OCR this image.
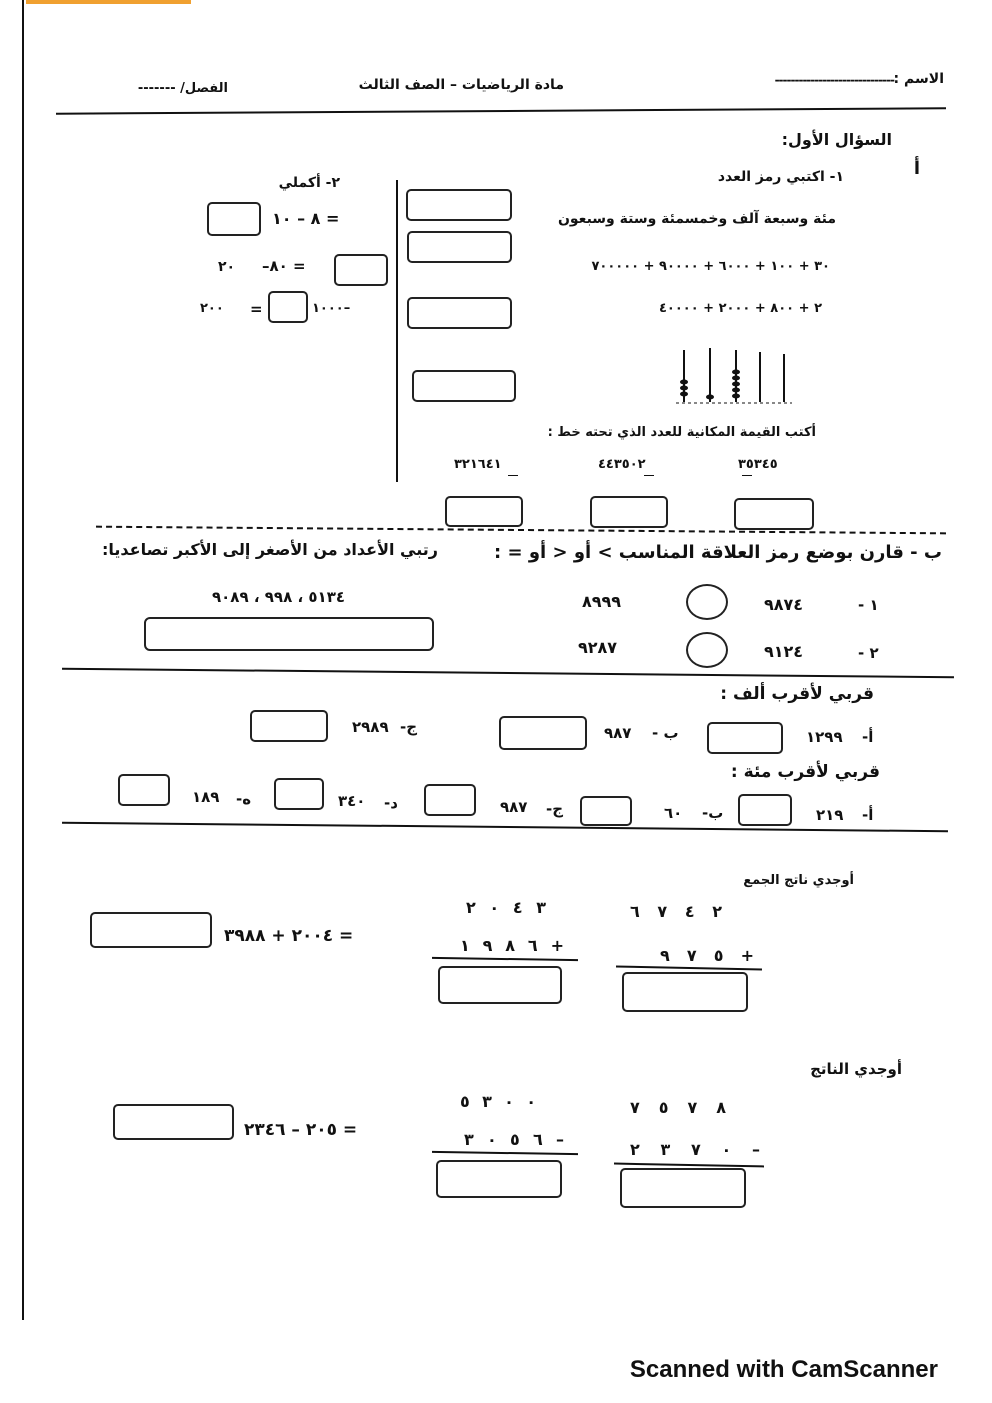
الاسم :
------------------------------
مادة الرياضيات – الصف الثالث
الفصل/ -------
السؤال الأول:
أ
١- اكتبي رمز العدد
مئة وسبعة آلف وخمسمئة وستة وسبعون
٣٠ + ١٠٠ + ٦٠٠٠ + ٩٠٠٠٠ + ٧٠٠٠٠٠
٢ + ٨٠٠ + ٢٠٠٠ + ٤٠٠٠٠
أكتب القيمة المكانية للعدد الذي تحته خط :
٣٢١٦٤١	٤٤٣٥٠٢	٣٥٣٤٥
٢- أكملي
= ٨ – ١٠
٢٠ = ٨٠–
٢٠٠ =	–١٠٠٠
ب - قارن بوضع رمز العلاقة المناسب > أو < أو = :
رتبي الأعداد من الأصغر إلى الأكبر تصاعديا:
٥١٣٤ ، ٩٩٨ ، ٩٠٨٩	١ -
٩٨٧٤
٨٩٩٩
٢ -
٩١٢٤
٩٢٨٧
قربي لأقرب ألف :
أ-
١٢٩٩
ب -
٩٨٧
ج-
٢٩٨٩
قربي لأقرب مئة :
أ-
٢١٩
ب-
٦٠
ج-
٩٨٧
د-
٣٤٠
ه-
١٨٩
أوجدي ناتج الجمع
٦ ٧ ٤ ٢
٩ ٧ ٥ +
٢ ٠ ٤ ٣
١ ٩ ٨ ٦ +
= ٢٠٠٤ + ٣٩٨٨
أوجدي الناتج
٧ ٥ ٧ ٨
٢ ٣ ٧ ٠ –
٥ ٣ ٠ ٠
٣ ٠ ٥ ٦ –
= ٢٠٥ – ٢٣٤٦
Scanned with CamScanner
